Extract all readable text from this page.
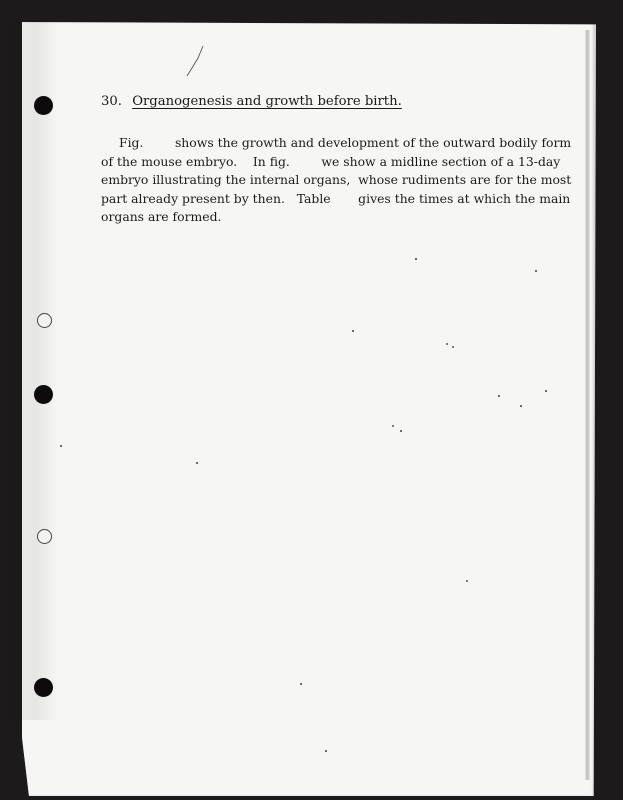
30. Organogenesis and growth before birth.
Fig.        shows the growth and development of the outward bodily form
of the mouse embryo.    In fig.        we show a midline section of a 13-day
embryo illustrating the internal organs,  whose rudiments are for the most
part already present by then.   Table       gives the times at which the main
organs are formed.
